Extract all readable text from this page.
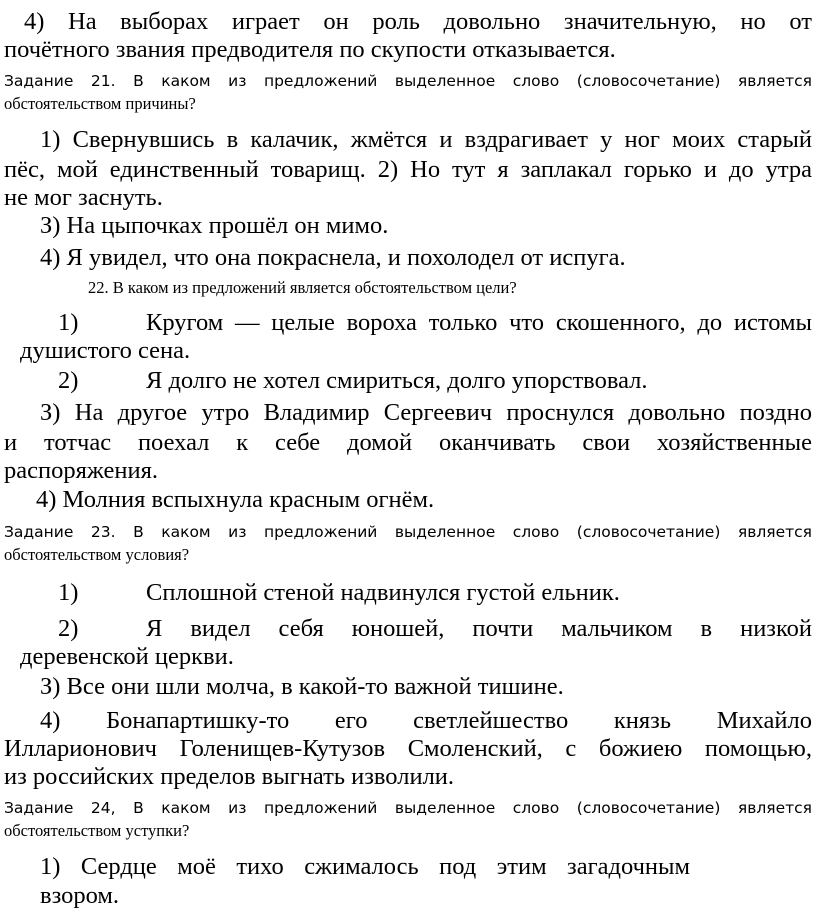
4) На выборах играет он роль довольно значительную, но от
почётного звания предводителя по скупости отказывается.
Задание 21. В каком из предложений выделенное слово (словосочетание) является
обстоятельством причины?
1) Свернувшись в калачик, жмётся и вздрагивает у ног моих старый
пёс, мой единственный товарищ. 2) Но тут я заплакал горько и до утра
не мог заснуть.
З) На цыпочках прошёл он мимо.
4) Я увидел, что она покраснела, и похолодел от испуга.
22. В каком из предложений является обстоятельством цели?
1)	Кругом — целые вороха только что скошенного, до истомы
душистого сена.
2)	Я долго не хотел смириться, долго упорствовал.
З) На другое утро Владимир Сергеевич проснулся довольно поздно
и тотчас поехал к себе домой оканчивать свои хозяйственные
распоряжения.
4) Молния вспыхнула красным огнём.
Задание 23. В каком из предложений выделенное слово (словосочетание) является
обстоятельством условия?
1)	Сплошной стеной надвинулся густой ельник.
2)	Я видел себя юношей, почти мальчиком в низкой
деревенской церкви.
З) Все они шли молча, в какой-то важной тишине.
4) Бонапартишку-то его светлейшество князь Михайло
Илларионович Голенищев-Кутузов Смоленский, с божиею помощью,
из российских пределов выгнать изволили.
Задание 24, В каком из предложений выделенное слово (словосочетание) является
обстоятельством уступки?
1) Сердце моё тихо сжималось под этим загадочным
взором.
